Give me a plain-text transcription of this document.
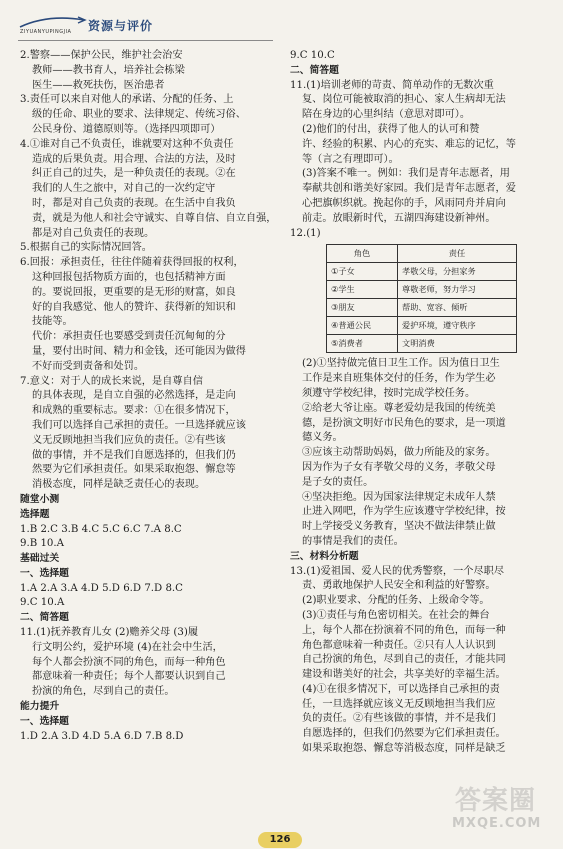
ZIYUANYUPINGJIA 资源与评价

2.警察——保护公民，维护社会治安

教师——教书育人，培养社会栋梁

医生——救死扶伤，医治患者

3.责任可以来自对他人的承诺、分配的任务、上

级的任命、职业的要求、法律规定、传统习俗、

公民身份、道德原则等。（选择四项即可）

4.①谁对自己不负责任，谁就要对这种不负责任

造成的后果负责。用合理、合法的方法，及时

纠正自己的过失，是一种负责任的表现。②在

我们的人生之旅中，对自己的一次约定守

时，都是对自己负责的表现。在生活中自我负

责，就是为他人和社会守诚实、自尊自信、自立自强，

都是对自己负责任的表现。

5.根据自己的实际情况回答。

6.回报：承担责任，往往伴随着获得回报的权利，

这种回报包括物质方面的，也包括精神方面

的。要说回报，更重要的是无形的财富，如良

好的自我感觉、他人的赞许、获得新的知识和

技能等。

代价：承担责任也要感受到责任沉甸甸的分

量，要付出时间、精力和金钱，还可能因为做得

不好而受到责备和处罚。

7.意义：对于人的成长来说，是自尊自信

的具体表现，是自立自强的必然选择，是走向

和成熟的重要标志。要求：①在很多情况下，

我们可以选择自己承担的责任。一旦选择就应该

义无反顾地担当我们应负的责任。②有些该

做的事情，并不是我们自愿选择的，但我们仍

然要为它们承担责任。如果采取抱怨、懈怠等

消极态度，同样是缺乏责任心的表现。

随堂小测

选择题

1.B 2.C 3.B 4.C 5.C 6.C 7.A 8.C

9.B 10.A

基础过关

一、选择题

1.A 2.A 3.A 4.D 5.D 6.D 7.D 8.C

9.C 10.A

二、简答题

11.(1)抚养教育儿女 (2)赡养父母 (3)履

行文明公约，爱护环境 (4)在社会中生活，

每个人都会扮演不同的角色，而每一种角色

都意味着一种责任；每个人都要认识到自己

扮演的角色，尽到自己的责任。

能力提升

一、选择题

1.D 2.A 3.D 4.D 5.A 6.D 7.B 8.D

9.C 10.C

二、简答题

11.(1)培训老师的苛责、简单动作的无数次重

复、岗位可能被取消的担心、家人生病却无法

陪在身边的心里纠结（意思对即可）。

(2)他们的付出，获得了他人的认可和赞

许、经验的积累、内心的充实、难忘的记忆，等

等（言之有理即可）。

(3)答案不唯一。例如：我们是青年志愿者，用

奉献共创和谐美好家园。我们是青年志愿者，爱

心把旗帜织就。挽起你的手，风雨同舟并肩向

前走。放眼新时代，五湖四海建设新神州。

12.(1)

角色	责任
①子女	孝敬父母，分担家务
②学生	尊敬老师，努力学习
③朋友	帮助、宽容、倾听
④普通公民	爱护环境，遵守秩序
⑤消费者	文明消费

(2)①坚持做完值日卫生工作。因为值日卫生

工作是来自班集体交付的任务，作为学生必

须遵守学校纪律，按时完成学校任务。

②给老大爷让座。尊老爱幼是我国的传统美

德，是扮演文明好市民角色的要求，是一项道

德义务。

③应该主动帮助妈妈，做力所能及的家务。

因为作为子女有孝敬父母的义务，孝敬父母

是子女的责任。

④坚决拒绝。因为国家法律规定未成年人禁

止进入网吧，作为学生应该遵守学校纪律，按

时上学接受义务教育，坚决不做法律禁止做

的事情是我们的责任。

三、材料分析题

13.(1)爱祖国、爱人民的优秀警察，一个尽职尽

责、勇敢地保护人民安全和利益的好警察。

(2)职业要求、分配的任务、上级命令等。

(3)①责任与角色密切相关。在社会的舞台

上，每个人都在扮演着不同的角色，而每一种

角色都意味着一种责任。②只有人人认识到

自己扮演的角色，尽到自己的责任，才能共同

建设和谐美好的社会，共享美好的幸福生活。

(4)①在很多情况下，可以选择自己承担的责

任，一旦选择就应该义无反顾地担当我们应

负的责任。②有些该做的事情，并不是我们

自愿选择的，但我们仍然要为它们承担责任。

如果采取抱怨、懈怠等消极态度，同样是缺乏

126
答案圈
MXQE.COM
